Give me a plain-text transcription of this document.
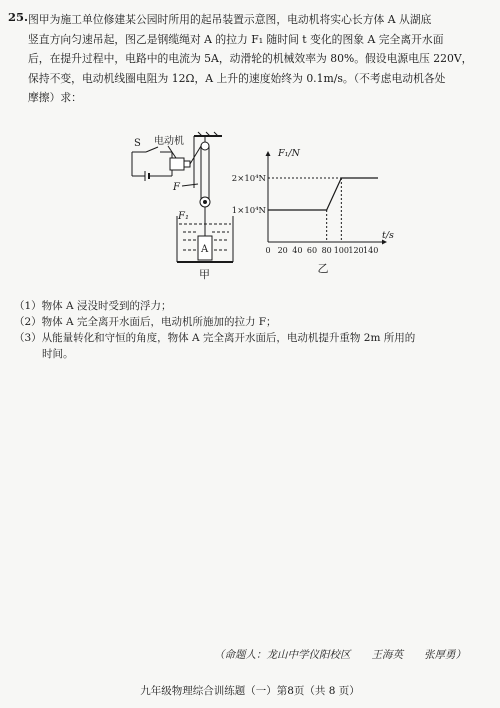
25. 图甲为施工单位修建某公园时所用的起吊装置示意图，电动机将实心长方体 A 从湖底

竖直方向匀速吊起，图乙是钢缆绳对 A 的拉力 F₁ 随时间 t 变化的图象 A 完全离开水面

后，在提升过程中，电路中的电流为 5A，动滑轮的机械效率为 80%。假设电源电压 220V，

保持不变，电动机线圈电阻为 12Ω，A 上升的速度始终为 0.1m/s。（不考虑电动机各处

摩擦）求：

S 电动机
F
F₁
A
甲
F₁/N
t/s
2×10⁴N
1×10⁴N
0 20 40 60 80 100 120 140
乙
（1）物体 A 浸没时受到的浮力；
（2）物体 A 完全离开水面后，电动机所施加的拉力 F；
（3）从能量转化和守恒的角度，物体 A 完全离开水面后，电动机提升重物 2m 所用的
时间。
（命题人：龙山中学仪阳校区　　王海英　　张厚勇）
九年级物理综合训练题（一）第8页（共 8 页）
